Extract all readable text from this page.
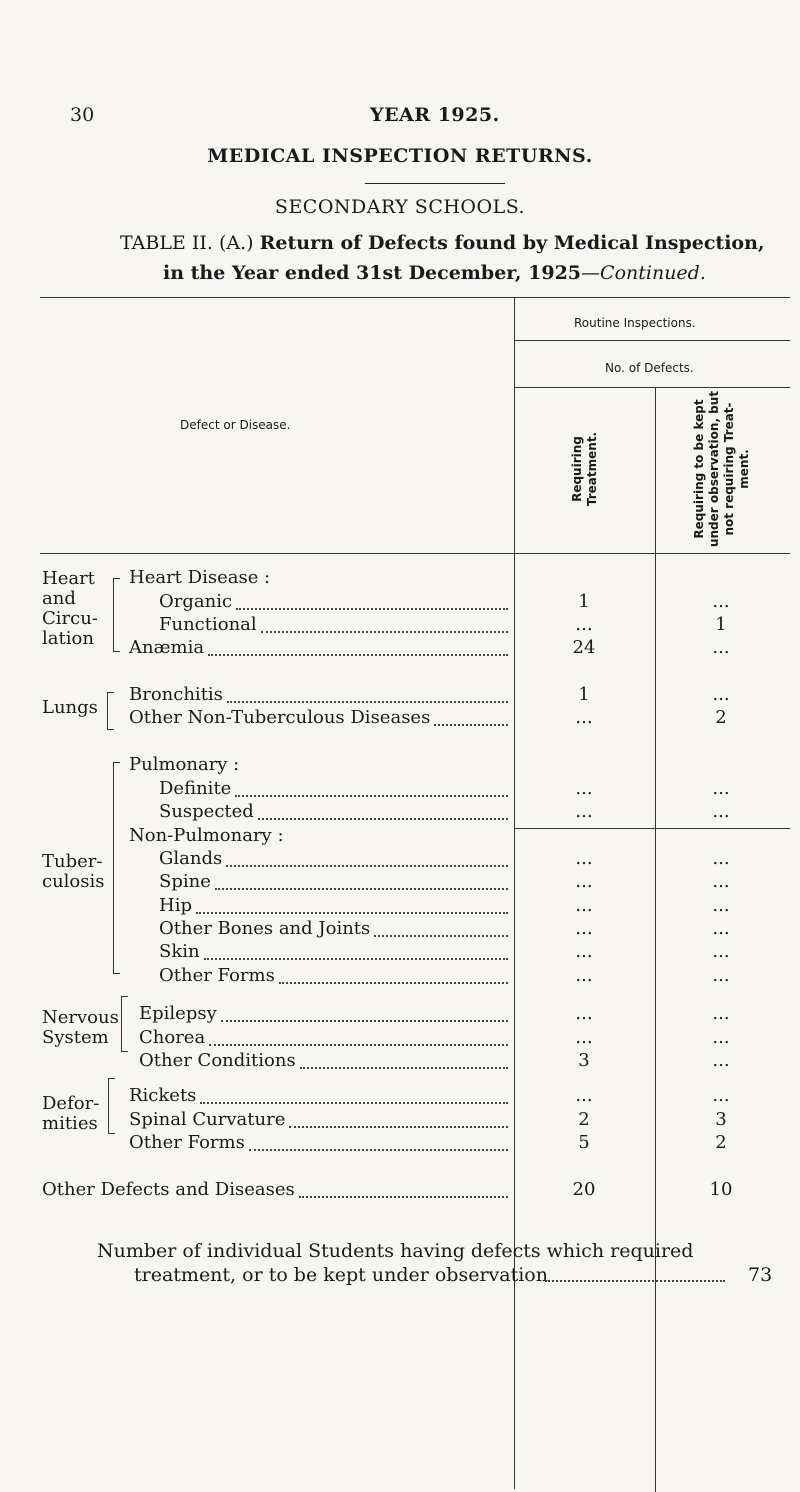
30	YEAR 1925.
MEDICAL INSPECTION RETURNS.
SECONDARY SCHOOLS.
TABLE II. (A.) Return of Defects found by Medical Inspection,
in the Year ended 31st December, 1925—Continued.
Defect or Disease.
Routine Inspections.
No. of Defects.
Requiring Treatment.	Requiring to be kept under observation, but not requiring Treat- ment.
Heart
and
Circu-
lation
Lungs
Tuber-
culosis
Nervous
System
Defor-
mities
Heart Disease :
Organic	1	...
Functional	...	1
Anæmia	24	...
Bronchitis	1	...
Other Non-Tuberculous Diseases	...	2
Pulmonary :
Definite	...	...
Suspected	...	...
Non-Pulmonary :
Glands	...	...
Spine	...	...
Hip	...	...
Other Bones and Joints	...	...
Skin	...	...
Other Forms	...	...
Epilepsy	...	...
Chorea	...	...
Other Conditions	3	...
Rickets	...	...
Spinal Curvature	2	3
Other Forms	5	2
Other Defects and Diseases	20	10
Number of individual Students having defects which required
treatment, or to be kept under observation	73
